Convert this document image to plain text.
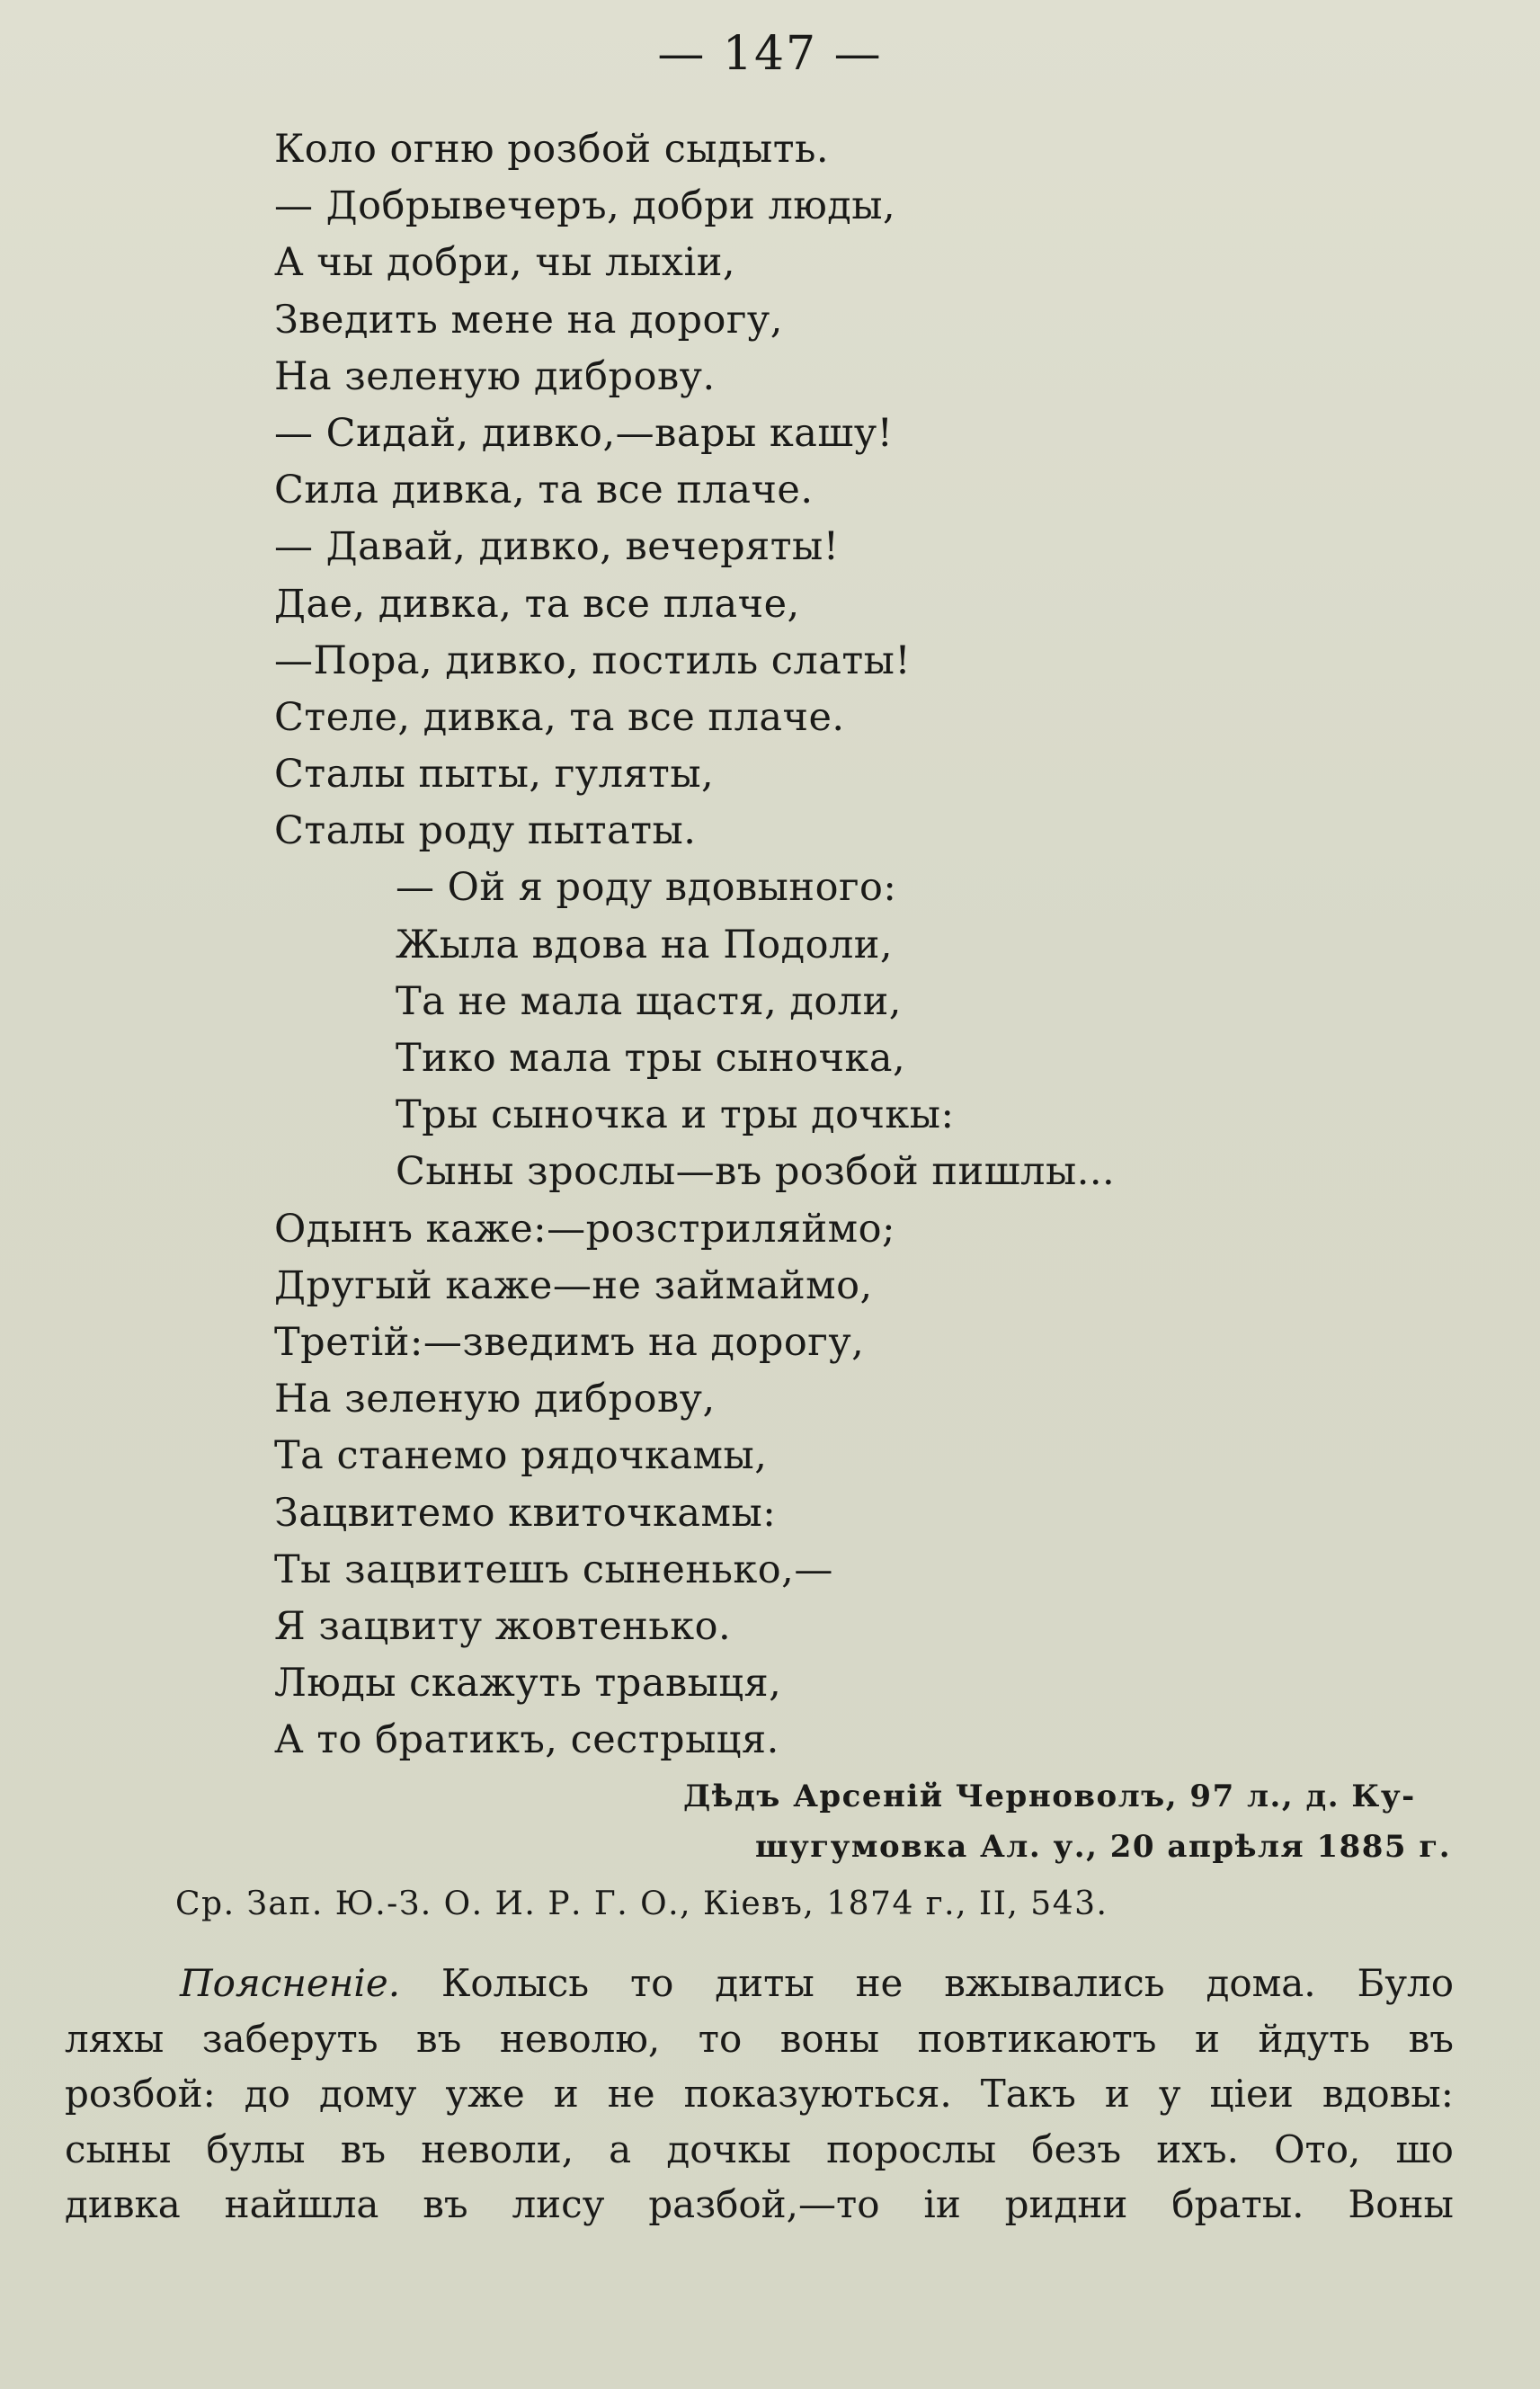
— 147 —
Коло огню розбой сыдыть.
— Добрывечеръ, добри люды,
А чы добри, чы лыхіи,
Зведить мене на дорогу,
На зеленую диброву.
— Сидай, дивко,—вары кашу!
Сила дивка, та все плаче.
— Давай, дивко, вечеряты!
Дае, дивка, та все плаче,
—Пора, дивко, постиль слаты!
Стеле, дивка, та все плаче.
Сталы пыты, гуляты,
Сталы роду пытаты.
— Ой я роду вдовыного:
Жыла вдова на Подоли,
Та не мала щастя, доли,
Тико мала тры сыночка,
Тры сыночка и тры дочкы:
Сыны зрослы—въ розбой пишлы...
Одынъ каже:—розстриляймо;
Другый каже—не займаймо,
Третій:—зведимъ на дорогу,
На зеленую диброву,
Та станемо рядочкамы,
Зацвитемо квиточкамы:
Ты зацвитешъ сыненько,—
Я зацвиту жовтенько.
Люды скажуть травыця,
А то братикъ, сестрыця.
Дѣдъ Арсеній Черноволъ, 97 л., д. Ку-
шугумовка Ал. у., 20 апрѣля 1885 г.
Ср. Зап. Ю.-З. О. И. Р. Г. О., Кіевъ, 1874 г., II, 543.
Поясненіе. Колысь то диты не вжывались дома. Було
ляхы заберуть въ неволю, то воны повтикаютъ и йдуть въ
розбой: до дому уже и не показуються. Такъ и у ціеи вдовы:
сыны булы въ неволи, а дочкы порослы безъ ихъ. Ото, шо
дивка найшла въ лису разбой,—то іи ридни браты. Воны
